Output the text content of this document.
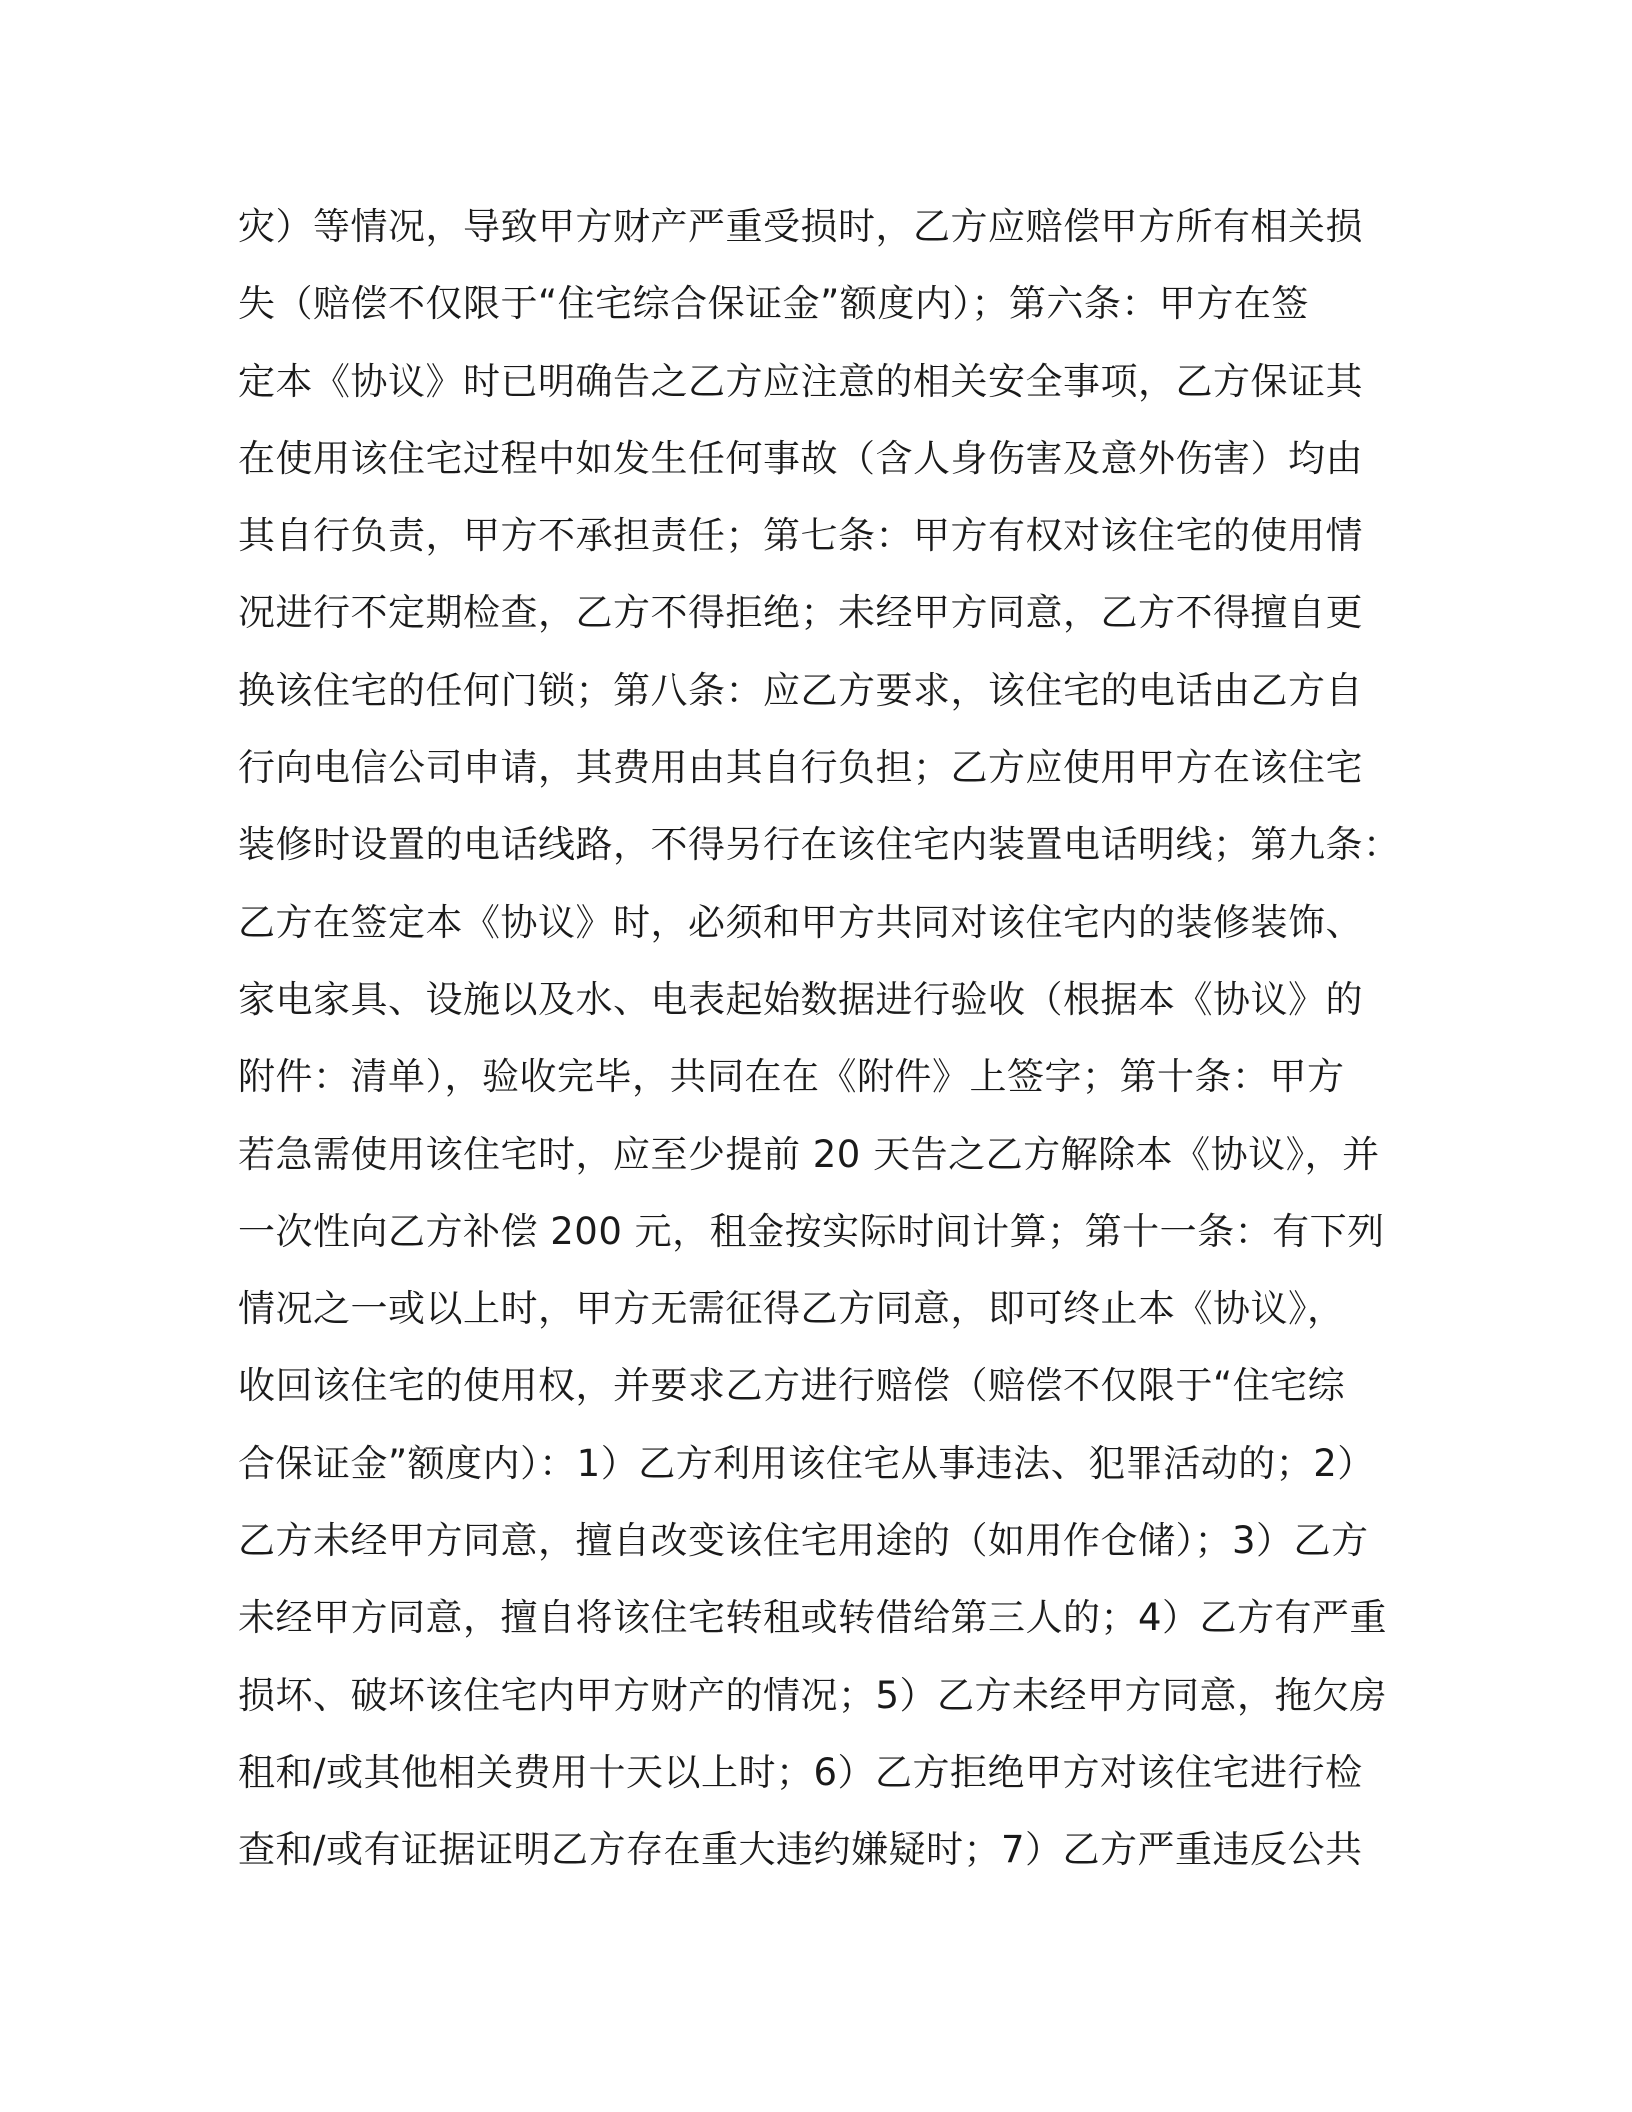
灾）等情况，导致甲方财产严重受损时，乙方应赔偿甲方所有相关损
失（赔偿不仅限于“住宅综合保证金”额度内）；第六条：甲方在签
定本《协议》时已明确告之乙方应注意的相关安全事项，乙方保证其
在使用该住宅过程中如发生任何事故（含人身伤害及意外伤害）均由
其自行负责，甲方不承担责任；第七条：甲方有权对该住宅的使用情
况进行不定期检查，乙方不得拒绝；未经甲方同意，乙方不得擅自更
换该住宅的任何门锁；第八条：应乙方要求，该住宅的电话由乙方自
行向电信公司申请，其费用由其自行负担；乙方应使用甲方在该住宅
装修时设置的电话线路，不得另行在该住宅内装置电话明线；第九条：
乙方在签定本《协议》时，必须和甲方共同对该住宅内的装修装饰、
家电家具、设施以及水、电表起始数据进行验收（根据本《协议》的
附件：清单），验收完毕，共同在在《附件》上签字；第十条：甲方
若急需使用该住宅时，应至少提前 20 天告之乙方解除本《协议》，并
一次性向乙方补偿 200 元，租金按实际时间计算；第十一条：有下列
情况之一或以上时，甲方无需征得乙方同意，即可终止本《协议》，
收回该住宅的使用权，并要求乙方进行赔偿（赔偿不仅限于“住宅综
合保证金”额度内）：1）乙方利用该住宅从事违法、犯罪活动的；2）
乙方未经甲方同意，擅自改变该住宅用途的（如用作仓储）；3）乙方
未经甲方同意，擅自将该住宅转租或转借给第三人的；4）乙方有严重
损坏、破坏该住宅内甲方财产的情况；5）乙方未经甲方同意，拖欠房
租和/或其他相关费用十天以上时；6）乙方拒绝甲方对该住宅进行检
查和/或有证据证明乙方存在重大违约嫌疑时；7）乙方严重违反公共
